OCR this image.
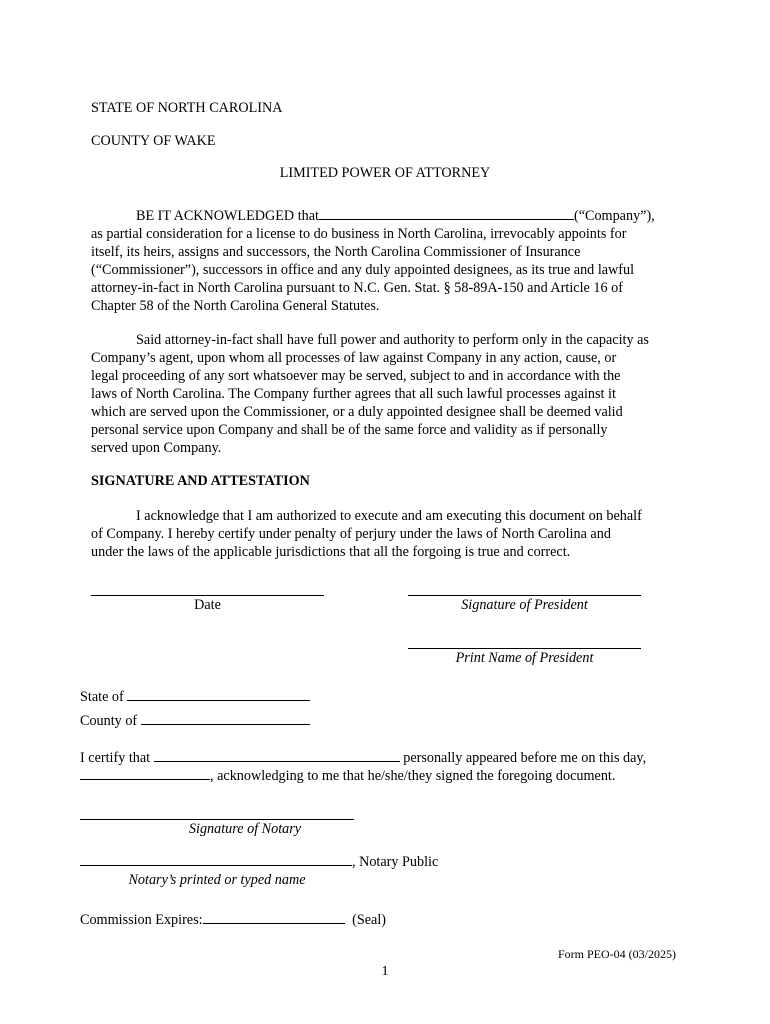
STATE OF NORTH CAROLINA
COUNTY OF WAKE
LIMITED POWER OF ATTORNEY
BE IT ACKNOWLEDGED that	(“Company”),
as partial consideration for a license to do business in North Carolina, irrevocably appoints for
itself, its heirs, assigns and successors, the North Carolina Commissioner of Insurance
(“Commissioner”), successors in office and any duly appointed designees, as its true and lawful
attorney-in-fact in North Carolina pursuant to N.C. Gen. Stat. § 58-89A-150 and Article 16 of
Chapter 58 of the North Carolina General Statutes.
Said attorney-in-fact shall have full power and authority to perform only in the capacity as
Company’s agent, upon whom all processes of law against Company in any action, cause, or
legal proceeding of any sort whatsoever may be served, subject to and in accordance with the
laws of North Carolina. The Company further agrees that all such lawful processes against it
which are served upon the Commissioner, or a duly appointed designee shall be deemed valid
personal service upon Company and shall be of the same force and validity as if personally
served upon Company.
SIGNATURE AND ATTESTATION
I acknowledge that I am authorized to execute and am executing this document on behalf
of Company. I hereby certify under penalty of perjury under the laws of North Carolina and
under the laws of the applicable jurisdictions that all the forgoing is true and correct.
Date	Signature of President
Print Name of President
State of
County of
I certify that	personally appeared before me on this day,
, acknowledging to me that he/she/they signed the foregoing document.
Signature of Notary
, Notary Public
Notary’s printed or typed name
Commission Expires:	(Seal)
Form PEO-04 (03/2025)
1
